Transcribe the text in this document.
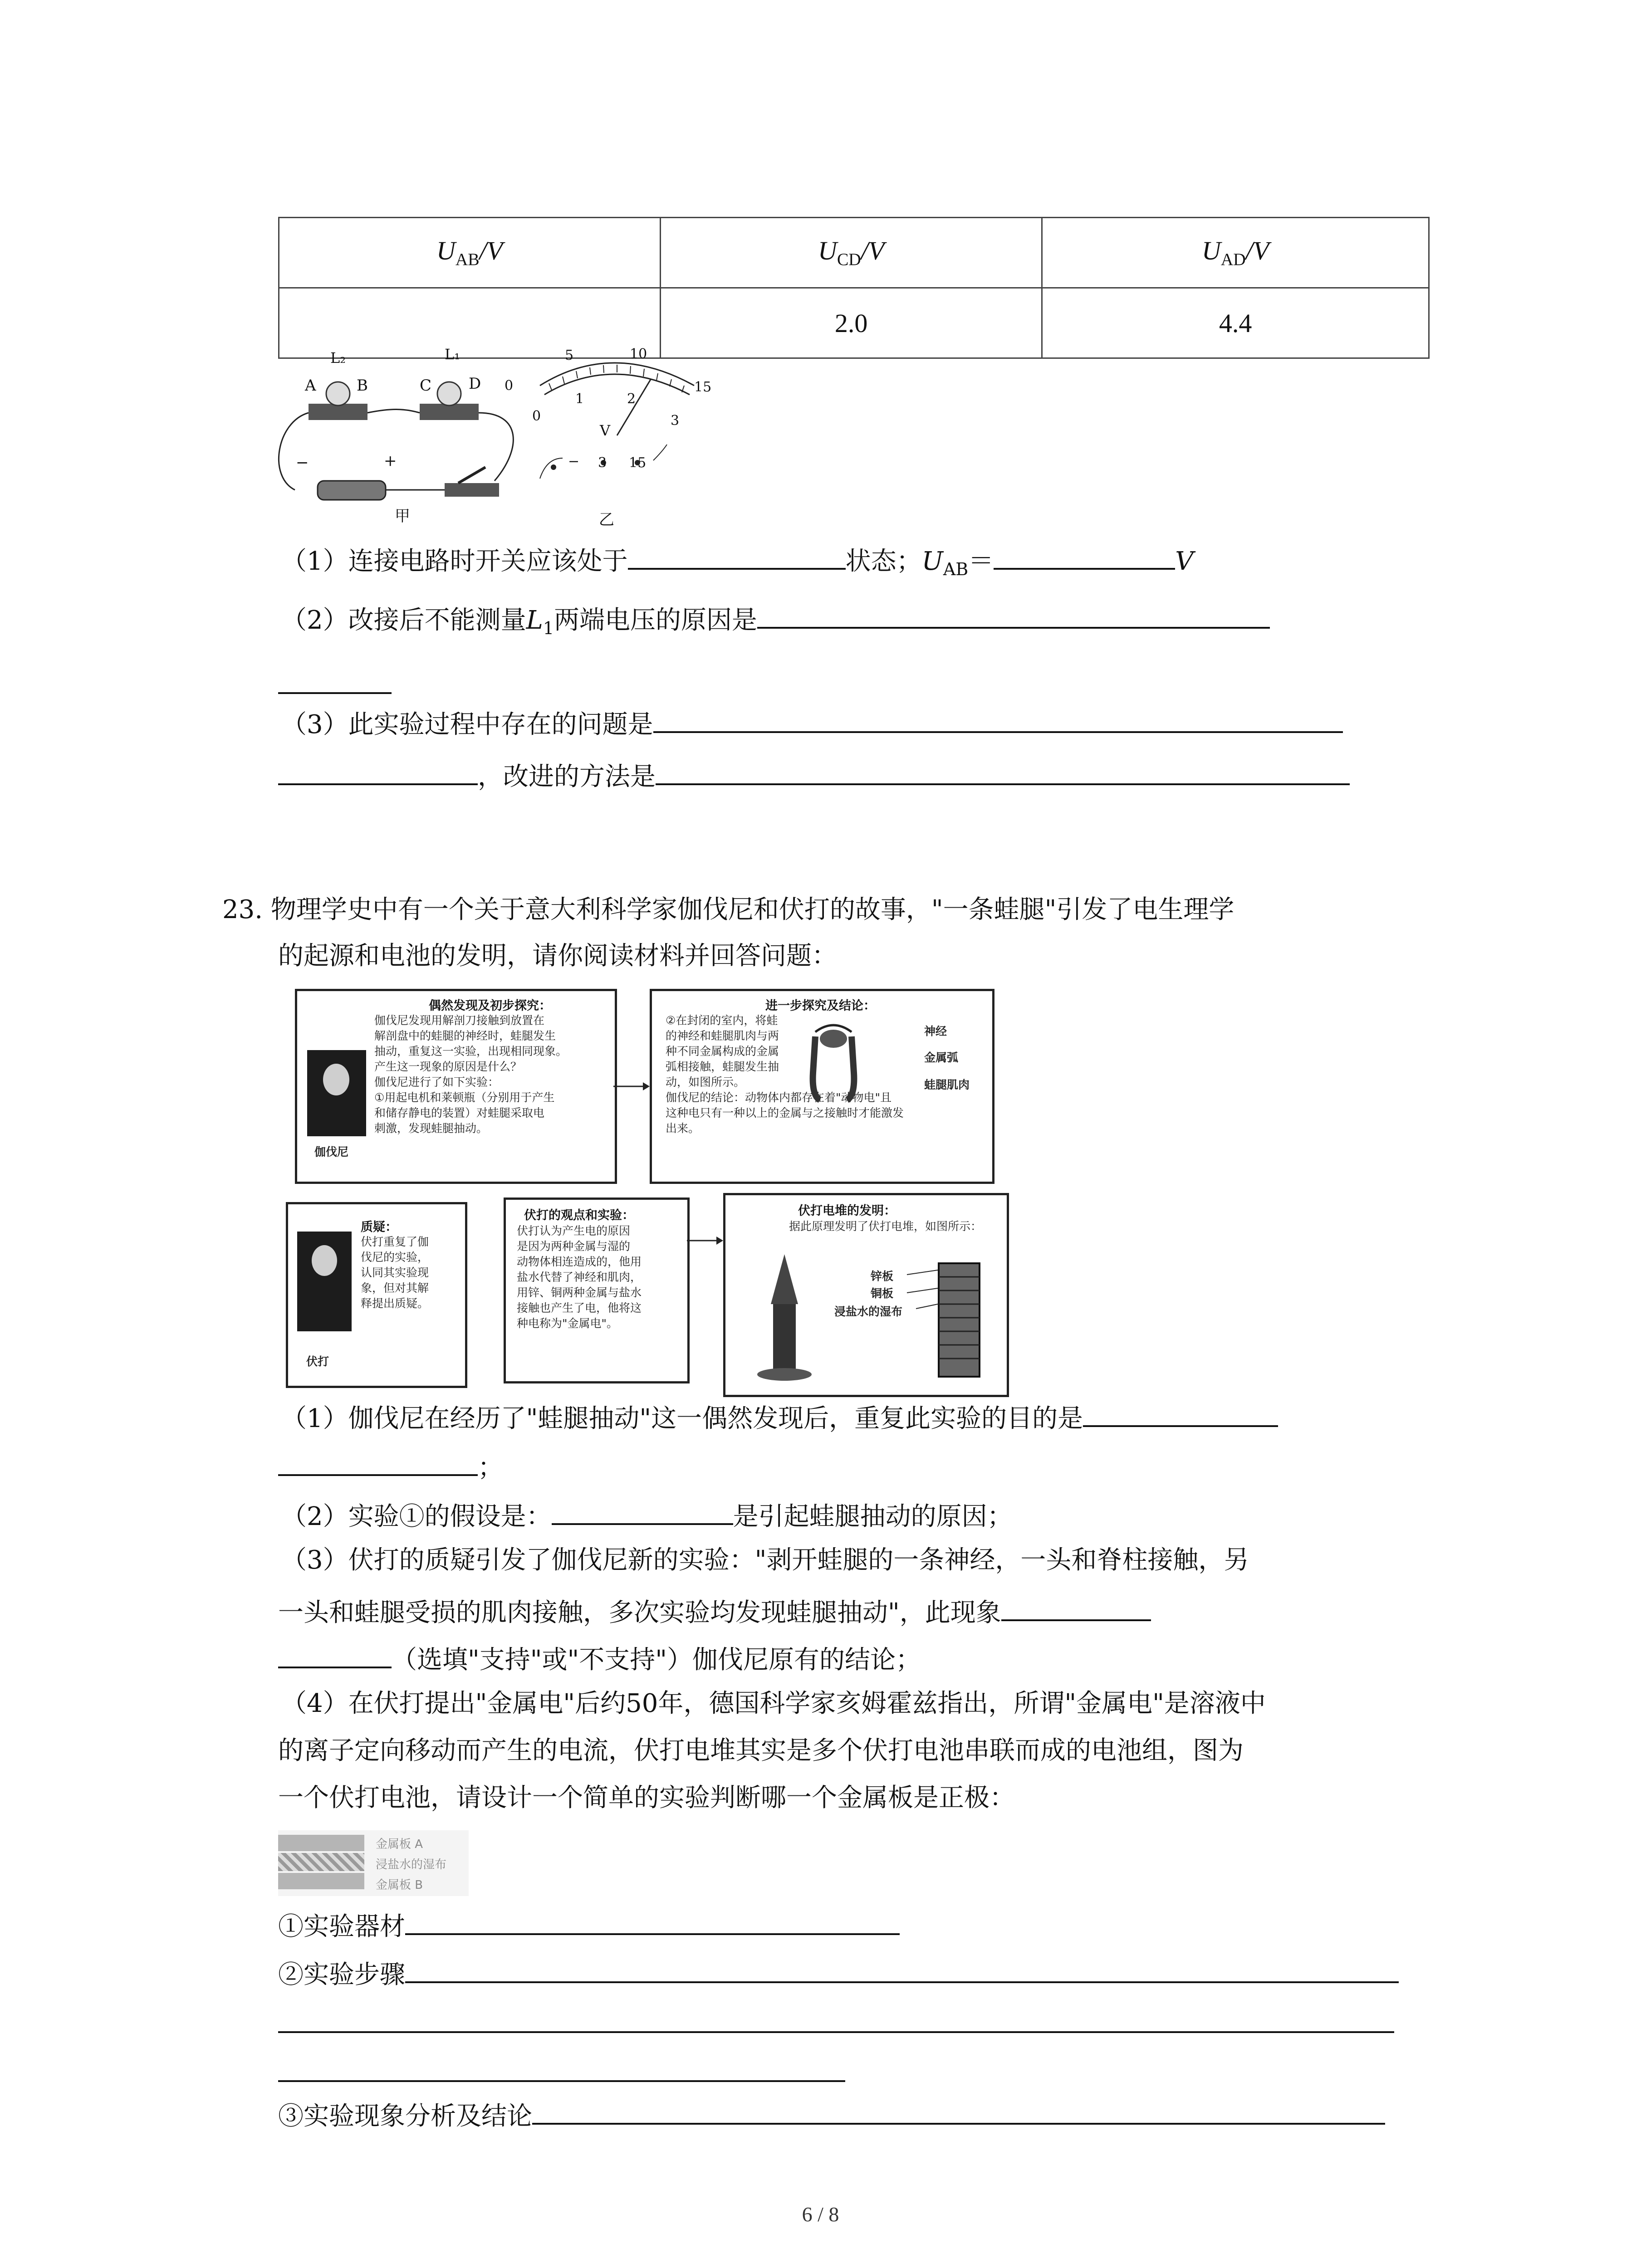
$U_{AB}/V$	$U_{CD}/V$	$U_{AD}/V$
	2.0	4.4
L₂	L₁
A	B	C D
−	+
甲
0
5	10
15
0
1	2
3
V
− 3 15
乙
（1）连接电路时开关应该处于	状态；$U_{AB}=$	V
（2）改接后不能测量$L_1$两端电压的原因是
（3）此实验过程中存在的问题是
，改进的方法是
23. 物理学史中有一个关于意大利科学家伽伐尼和伏打的故事，"一条蛙腿"引发了电生理学
的起源和电池的发明，请你阅读材料并回答问题：
伽伐尼
偶然发现及初步探究：
伽伐尼发现用解剖刀接触到放置在
解剖盘中的蛙腿的神经时，蛙腿发生
抽动，重复这一实验，出现相同现象。
产生这一现象的原因是什么？
伽伐尼进行了如下实验：
①用起电机和莱顿瓶（分别用于产生
和储存静电的装置）对蛙腿采取电
刺激，发现蛙腿抽动。
进一步探究及结论：
②在封闭的室内，将蛙
的神经和蛙腿肌肉与两
种不同金属构成的金属
弧相接触，蛙腿发生抽
动，如图所示。
伽伐尼的结论：动物体内都存在着"动物电"且
这种电只有一种以上的金属与之接触时才能激发
出来。
神经
金属弧
蛙腿肌肉
伏打
质疑：
伏打重复了伽
伐尼的实验，
认同其实验现
象，但对其解
释提出质疑。
伏打的观点和实验：
伏打认为产生电的原因
是因为两种金属与湿的
动物体相连造成的，他用
盐水代替了神经和肌肉，
用锌、铜两种金属与盐水
接触也产生了电，他将这
种电称为"金属电"。
伏打电堆的发明：
据此原理发明了伏打电堆，如图所示：
锌板
铜板
浸盐水的湿布
（1）伽伐尼在经历了"蛙腿抽动"这一偶然发现后，重复此实验的目的是
；
（2）实验①的假设是：	是引起蛙腿抽动的原因；
（3）伏打的质疑引发了伽伐尼新的实验："剥开蛙腿的一条神经，一头和脊柱接触，另
一头和蛙腿受损的肌肉接触，多次实验均发现蛙腿抽动"，此现象
（选填"支持"或"不支持"）伽伐尼原有的结论；
（4）在伏打提出"金属电"后约50年，德国科学家亥姆霍兹指出，所谓"金属电"是溶液中
的离子定向移动而产生的电流，伏打电堆其实是多个伏打电池串联而成的电池组，图为
一个伏打电池，请设计一个简单的实验判断哪一个金属板是正极：
金属板 A
浸盐水的湿布
金属板 B
①实验器材
②实验步骤
③实验现象分析及结论
6 / 8
